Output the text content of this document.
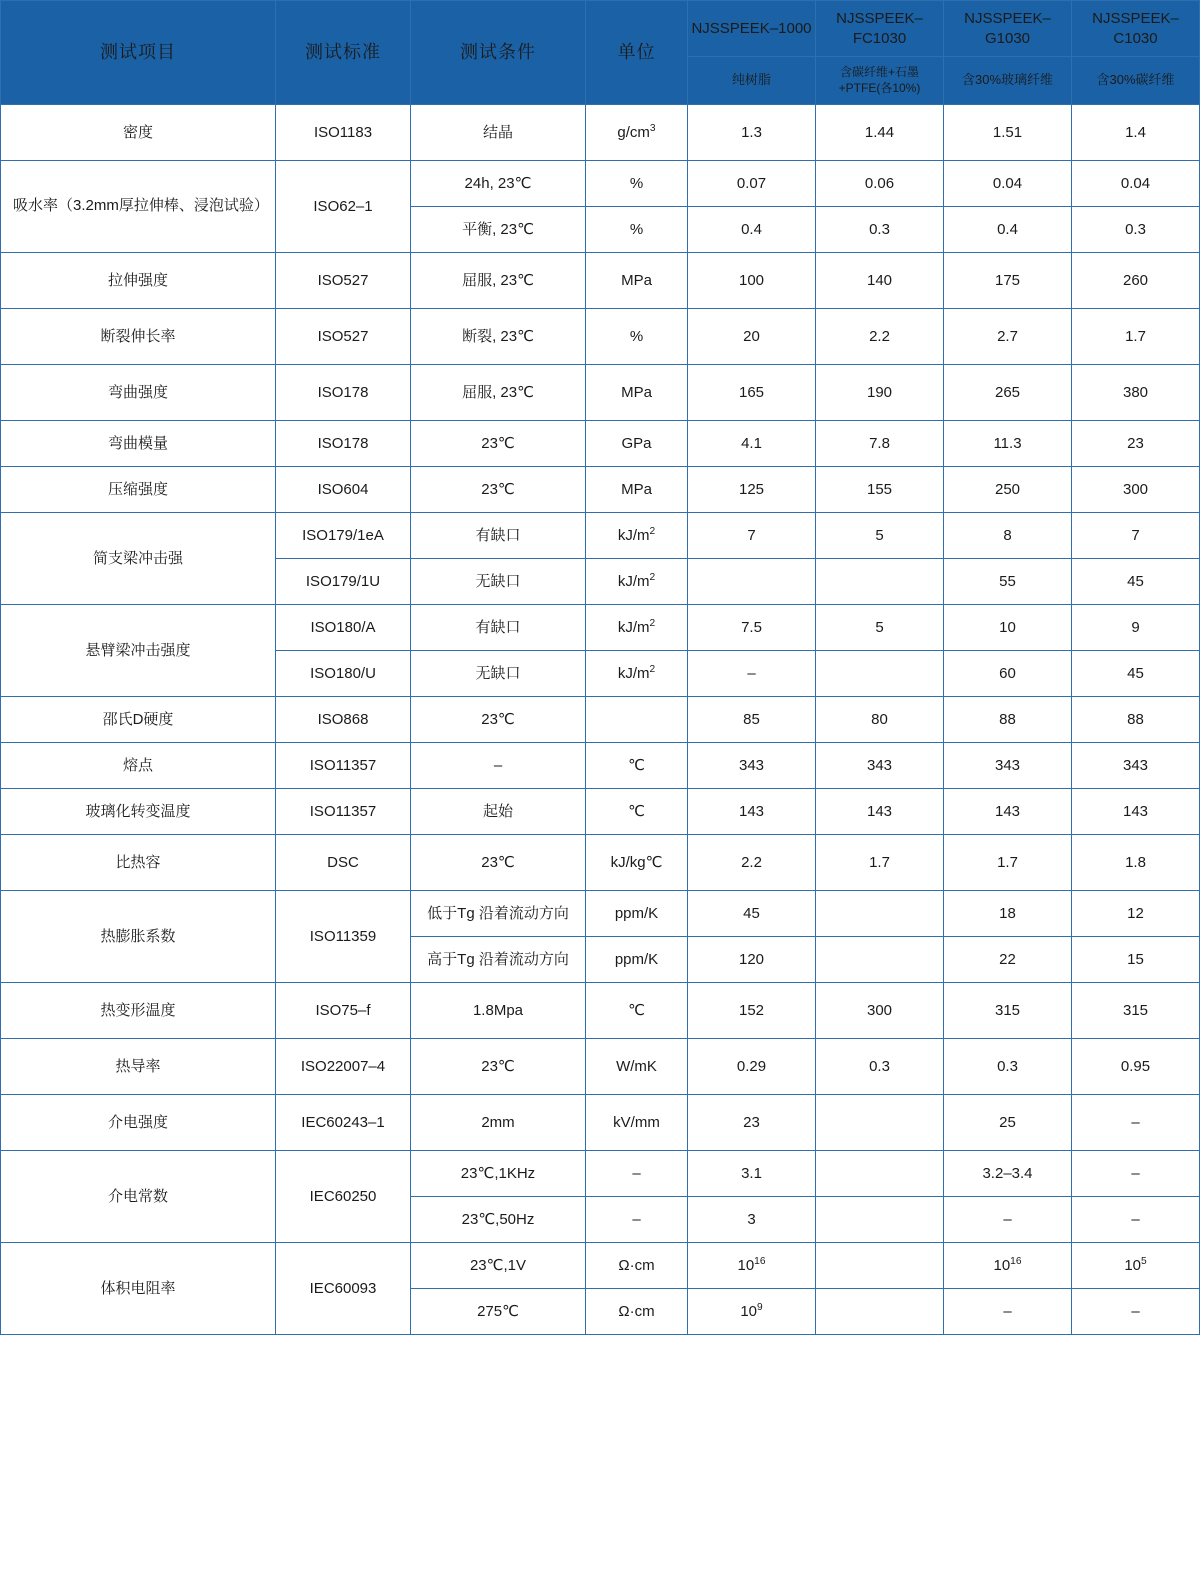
测试项目	测试标准	测试条件	单位	NJSSPEEK–1000	NJSSPEEK–FC1030	NJSSPEEK–G1030	NJSSPEEK–C1030
				纯树脂	含碳纤维+石墨+PTFE(各10%)	含30%玻璃纤维	含30%碳纤维
密度	ISO1183	结晶	$g/cm^3$	1.3	1.44	1.51	1.4
吸水率（3.2mm厚拉伸棒、浸泡试验）	ISO62–1	24h, 23℃	%	0.07	0.06	0.04	0.04
		平衡, 23℃	%	0.4	0.3	0.4	0.3
拉伸强度	ISO527	屈服, 23℃	MPa	100	140	175	260
断裂伸长率	ISO527	断裂, 23℃	%	20	2.2	2.7	1.7
弯曲强度	ISO178	屈服, 23℃	MPa	165	190	265	380
弯曲模量	ISO178	23℃	GPa	4.1	7.8	11.3	23
压缩强度	ISO604	23℃	MPa	125	155	250	300
简支梁冲击强	ISO179/1eA	有缺口	$kJ/m^2$	7	5	8	7
	ISO179/1U	无缺口	$kJ/m^2$			55	45
悬臂梁冲击强度	ISO180/A	有缺口	$kJ/m^2$	7.5	5	10	9
	ISO180/U	无缺口	$kJ/m^2$	–		60	45
邵氏D硬度	ISO868	23℃		85	80	88	88
熔点	ISO11357	–	℃	343	343	343	343
玻璃化转变温度	ISO11357	起始	℃	143	143	143	143
比热容	DSC	23℃	kJ/kg℃	2.2	1.7	1.7	1.8
热膨胀系数	ISO11359	低于Tg 沿着流动方向	ppm/K	45		18	12
		高于Tg 沿着流动方向	ppm/K	120		22	15
热变形温度	ISO75–f	1.8Mpa	℃	152	300	315	315
热导率	ISO22007–4	23℃	W/mK	0.29	0.3	0.3	0.95
介电强度	IEC60243–1	2mm	kV/mm	23		25	–
介电常数	IEC60250	23℃,1KHz	–	3.1		3.2–3.4	–
		23℃,50Hz	–	3		–	–
体积电阻率	IEC60093	23℃,1V	Ω·cm	$10^{16}$		$10^{16}$	$10^5$
		275℃	Ω·cm	$10^9$		–	–
